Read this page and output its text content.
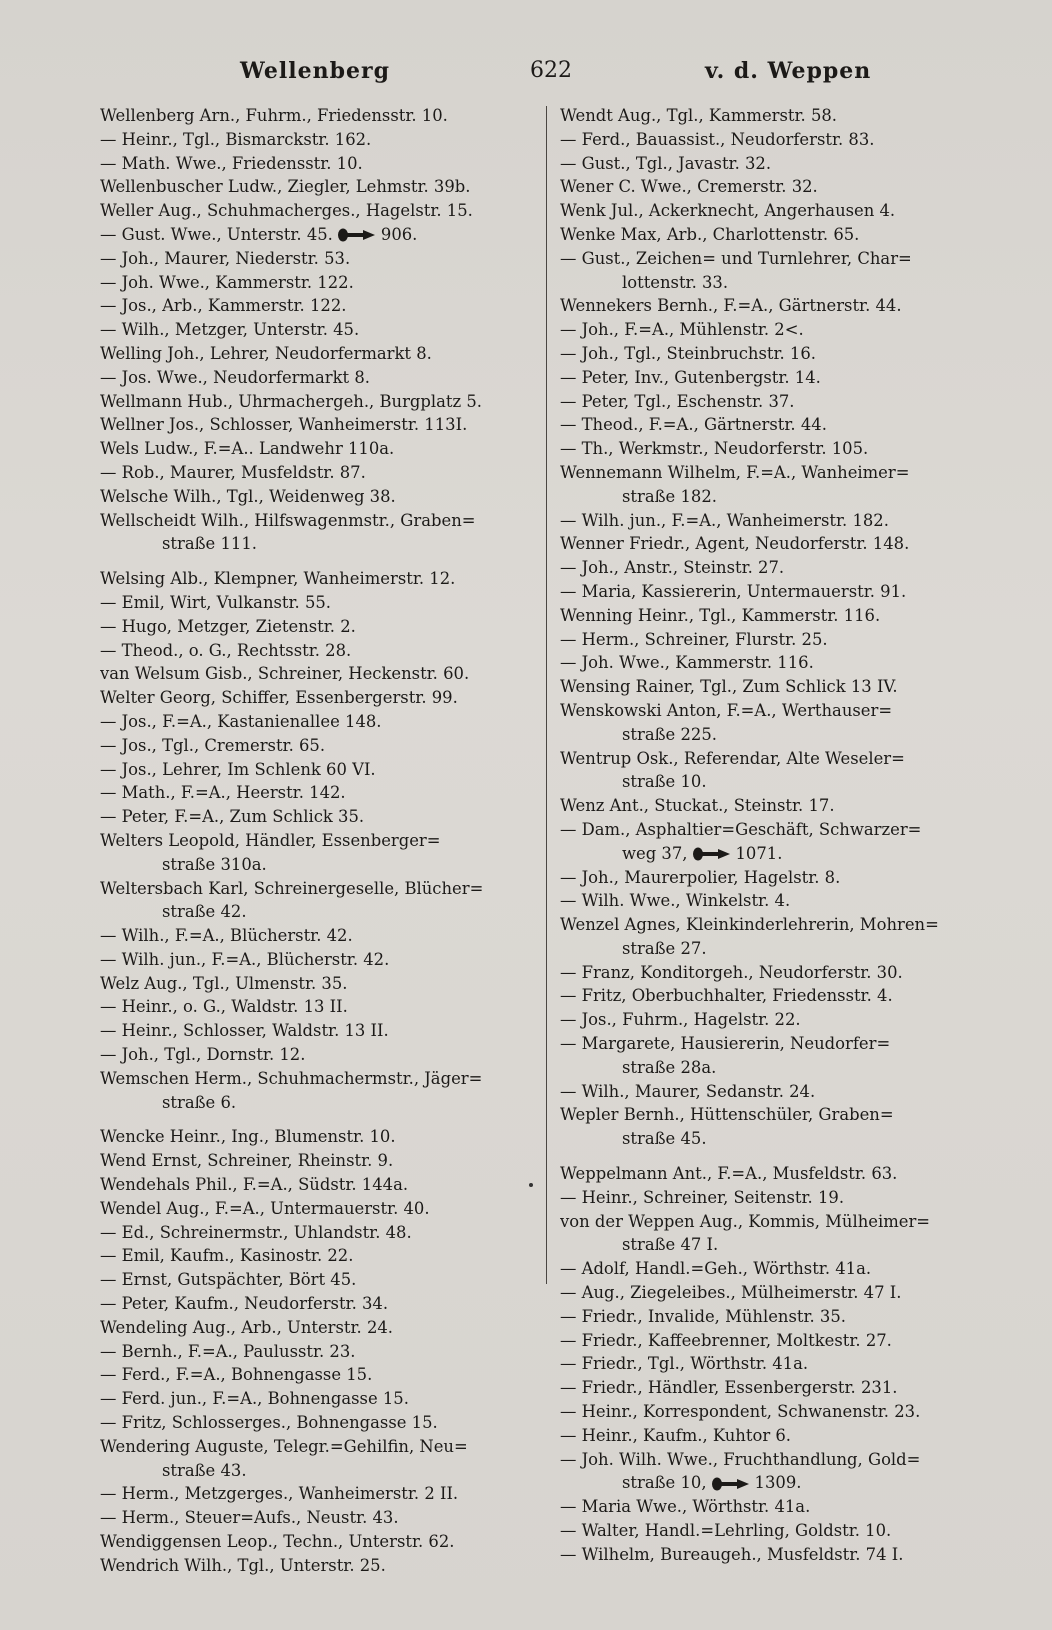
Wellenberg	622	v. d. Weppen
Wellenberg Arn., Fuhrm., Friedensstr. 10.
— Heinr., Tgl., Bismarckstr. 162.
— Math. Wwe., Friedensstr. 10.
Wellenbuscher Ludw., Ziegler, Lehmstr. 39b.
Weller Aug., Schuhmacherges., Hagelstr. 15.
— Gust. Wwe., Unterstr. 45.	906.
— Joh., Maurer, Niederstr. 53.
— Joh. Wwe., Kammerstr. 122.
— Jos., Arb., Kammerstr. 122.
— Wilh., Metzger, Unterstr. 45.
Welling Joh., Lehrer, Neudorfermarkt 8.
— Jos. Wwe., Neudorfermarkt 8.
Wellmann Hub., Uhrmachergeh., Burgplatz 5.
Wellner Jos., Schlosser, Wanheimerstr. 113I.
Wels Ludw., F.=A.. Landwehr 110a.
— Rob., Maurer, Musfeldstr. 87.
Welsche Wilh., Tgl., Weidenweg 38.
Wellscheidt Wilh., Hilfswagenmstr., Graben=
straße 111.
Welsing Alb., Klempner, Wanheimerstr. 12.
— Emil, Wirt, Vulkanstr. 55.
— Hugo, Metzger, Zietenstr. 2.
— Theod., o. G., Rechtsstr. 28.
van Welsum Gisb., Schreiner, Heckenstr. 60.
Welter Georg, Schiffer, Essenbergerstr. 99.
— Jos., F.=A., Kastanienallee 148.
— Jos., Tgl., Cremerstr. 65.
— Jos., Lehrer, Im Schlenk 60 VI.
— Math., F.=A., Heerstr. 142.
— Peter, F.=A., Zum Schlick 35.
Welters Leopold, Händler, Essenberger=
straße 310a.
Weltersbach Karl, Schreinergeselle, Blücher=
straße 42.
— Wilh., F.=A., Blücherstr. 42.
— Wilh. jun., F.=A., Blücherstr. 42.
Welz Aug., Tgl., Ulmenstr. 35.
— Heinr., o. G., Waldstr. 13 II.
— Heinr., Schlosser, Waldstr. 13 II.
— Joh., Tgl., Dornstr. 12.
Wemschen Herm., Schuhmachermstr., Jäger=
straße 6.
Wencke Heinr., Ing., Blumenstr. 10.
Wend Ernst, Schreiner, Rheinstr. 9.
Wendehals Phil., F.=A., Südstr. 144a.
Wendel Aug., F.=A., Untermauerstr. 40.
— Ed., Schreinermstr., Uhlandstr. 48.
— Emil, Kaufm., Kasinostr. 22.
— Ernst, Gutspächter, Bört 45.
— Peter, Kaufm., Neudorferstr. 34.
Wendeling Aug., Arb., Unterstr. 24.
— Bernh., F.=A., Paulusstr. 23.
— Ferd., F.=A., Bohnengasse 15.
— Ferd. jun., F.=A., Bohnengasse 15.
— Fritz, Schlosserges., Bohnengasse 15.
Wendering Auguste, Telegr.=Gehilfin, Neu=
straße 43.
— Herm., Metzgerges., Wanheimerstr. 2 II.
— Herm., Steuer=Aufs., Neustr. 43.
Wendiggensen Leop., Techn., Unterstr. 62.
Wendrich Wilh., Tgl., Unterstr. 25.
Wendt Aug., Tgl., Kammerstr. 58.
— Ferd., Bauassist., Neudorferstr. 83.
— Gust., Tgl., Javastr. 32.
Wener C. Wwe., Cremerstr. 32.
Wenk Jul., Ackerknecht, Angerhausen 4.
Wenke Max, Arb., Charlottenstr. 65.
— Gust., Zeichen= und Turnlehrer, Char=
lottenstr. 33.
Wennekers Bernh., F.=A., Gärtnerstr. 44.
— Joh., F.=A., Mühlenstr. 2<.
— Joh., Tgl., Steinbruchstr. 16.
— Peter, Inv., Gutenbergstr. 14.
— Peter, Tgl., Eschenstr. 37.
— Theod., F.=A., Gärtnerstr. 44.
— Th., Werkmstr., Neudorferstr. 105.
Wennemann Wilhelm, F.=A., Wanheimer=
straße 182.
— Wilh. jun., F.=A., Wanheimerstr. 182.
Wenner Friedr., Agent, Neudorferstr. 148.
— Joh., Anstr., Steinstr. 27.
— Maria, Kassiererin, Untermauerstr. 91.
Wenning Heinr., Tgl., Kammerstr. 116.
— Herm., Schreiner, Flurstr. 25.
— Joh. Wwe., Kammerstr. 116.
Wensing Rainer, Tgl., Zum Schlick 13 IV.
Wenskowski Anton, F.=A., Werthauser=
straße 225.
Wentrup Osk., Referendar, Alte Weseler=
straße 10.
Wenz Ant., Stuckat., Steinstr. 17.
— Dam., Asphaltier=Geschäft, Schwarzer=
weg 37,	1071.
— Joh., Maurerpolier, Hagelstr. 8.
— Wilh. Wwe., Winkelstr. 4.
Wenzel Agnes, Kleinkinderlehrerin, Mohren=
straße 27.
— Franz, Konditorgeh., Neudorferstr. 30.
— Fritz, Oberbuchhalter, Friedensstr. 4.
— Jos., Fuhrm., Hagelstr. 22.
— Margarete, Hausiererin, Neudorfer=
straße 28a.
— Wilh., Maurer, Sedanstr. 24.
Wepler Bernh., Hüttenschüler, Graben=
straße 45.
Weppelmann Ant., F.=A., Musfeldstr. 63.
— Heinr., Schreiner, Seitenstr. 19.
von der Weppen Aug., Kommis, Mülheimer=
straße 47 I.
— Adolf, Handl.=Geh., Wörthstr. 41a.
— Aug., Ziegeleibes., Mülheimerstr. 47 I.
— Friedr., Invalide, Mühlenstr. 35.
— Friedr., Kaffeebrenner, Moltkestr. 27.
— Friedr., Tgl., Wörthstr. 41a.
— Friedr., Händler, Essenbergerstr. 231.
— Heinr., Korrespondent, Schwanenstr. 23.
— Heinr., Kaufm., Kuhtor 6.
— Joh. Wilh. Wwe., Fruchthandlung, Gold=
straße 10,	1309.
— Maria Wwe., Wörthstr. 41a.
— Walter, Handl.=Lehrling, Goldstr. 10.
— Wilhelm, Bureaugeh., Musfeldstr. 74 I.
